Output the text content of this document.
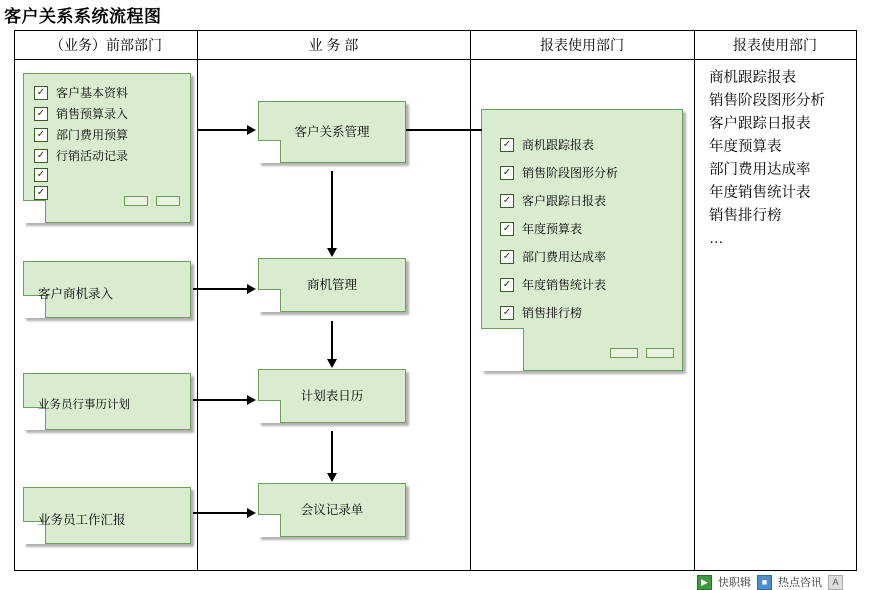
客户关系系统流程图
（业务）前部部门	业 务 部	报表使用部门	报表使用部门
✓ 客户基本资料
✓ 销售预算录入
✓ 部门费用预算
✓ 行销活动记录
✓
✓
客户商机录入
业务员行事历计划
业务员工作汇报
客户关系管理
商机管理
计划表日历
会议记录单
✓ 商机跟踪报表
✓ 销售阶段图形分析
✓ 客户跟踪日报表
✓ 年度预算表
✓ 部门费用达成率
✓ 年度销售统计表
✓ 销售排行榜
商机跟踪报表
销售阶段图形分析
客户跟踪日报表
年度预算表
部门费用达成率
年度销售统计表
销售排行榜
…
▶ 快职辑	■ 热点咨讯	A
